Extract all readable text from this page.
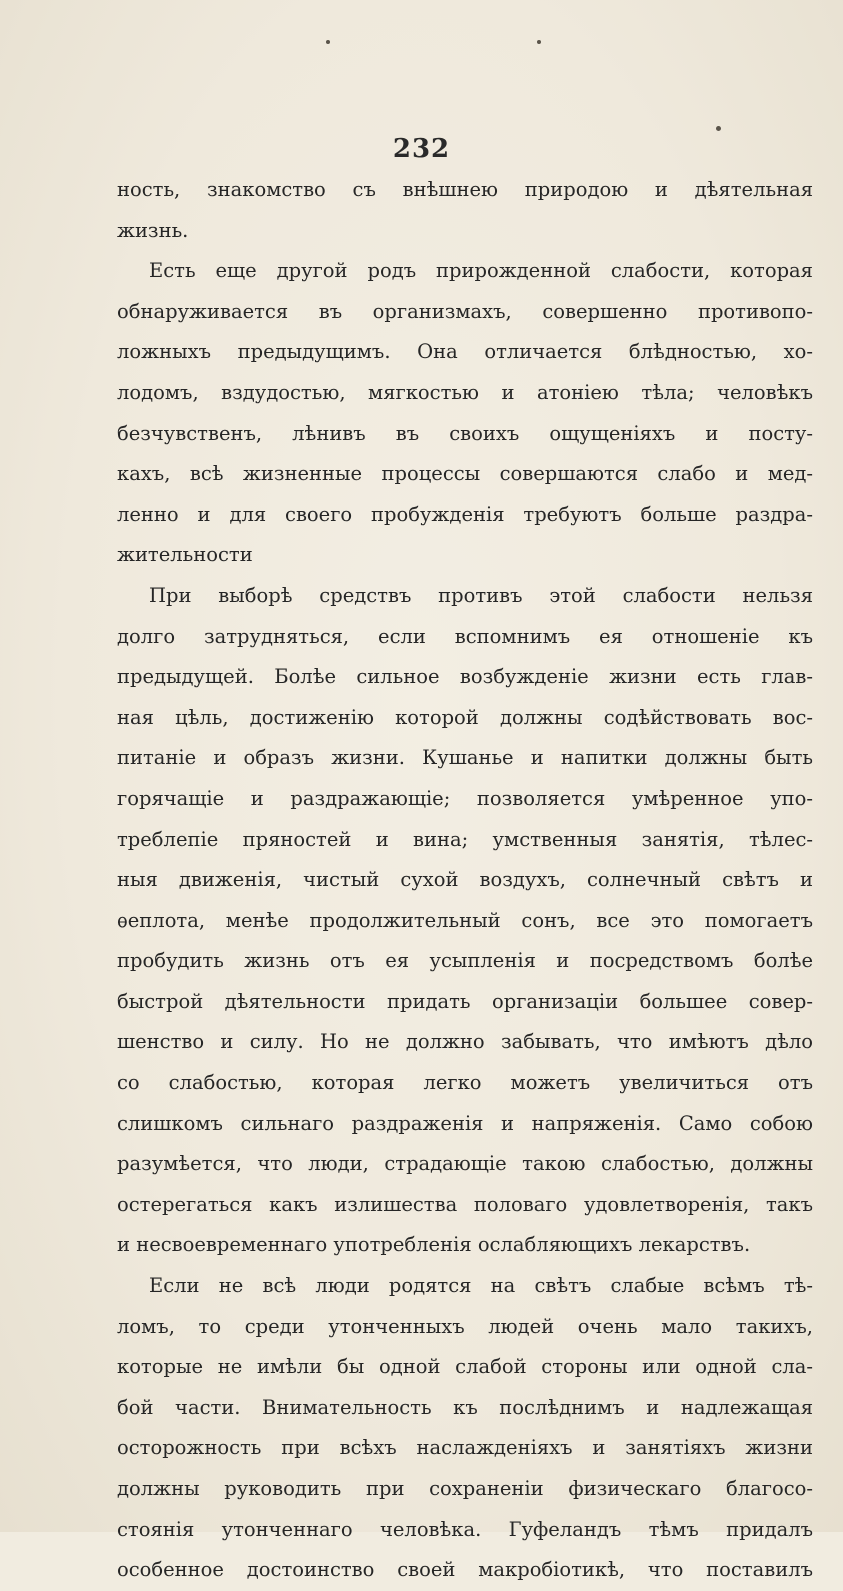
232
ность, знакомство съ внѣшнею природою и дѣятельная
жизнь.
Есть еще другой родъ прирожденной слабости, которая
обнаруживается въ организмахъ, совершенно противопо-
ложныхъ предыдущимъ. Она отличается блѣдностью, хо-
лодомъ, вздудостью, мягкостью и атоніею тѣла; человѣкъ
безчувственъ, лѣнивъ въ своихъ ощущеніяхъ и посту-
кахъ, всѣ жизненные процессы совершаются слабо и мед-
ленно и для своего пробужденія требуютъ больше раздра-
жительности
При выборѣ средствъ противъ этой слабости нельзя
долго затрудняться, если вспомнимъ ея отношеніе къ
предыдущей. Болѣе сильное возбужденіе жизни есть глав-
ная цѣль, достиженію которой должны содѣйствовать вос-
питаніе и образъ жизни. Кушанье и напитки должны быть
горячащіе и раздражающіе; позволяется умѣренное упо-
треблепіе пряностей и вина; умственныя занятія, тѣлес-
ныя движенія, чистый сухой воздухъ, солнечный свѣтъ и
ѳеплота, менѣе продолжительный сонъ, все это помогаетъ
пробудить жизнь отъ ея усыпленія и посредствомъ болѣе
быстрой дѣятельности придать организаціи большее совер-
шенство и силу. Но не должно забывать, что имѣютъ дѣло
со слабостью, которая легко можетъ увеличиться отъ
слишкомъ сильнаго раздраженія и напряженія. Само собою
разумѣется, что люди, страдающіе такою слабостью, должны
остерегаться какъ излишества половаго удовлетворенія, такъ
и несвоевременнаго употребленія ослабляющихъ лекарствъ.
Если не всѣ люди родятся на свѣтъ слабые всѣмъ тѣ-
ломъ, то среди утонченныхъ людей очень мало такихъ,
которые не имѣли бы одной слабой стороны или одной сла-
бой части. Внимательность къ послѣднимъ и надлежащая
осторожность при всѣхъ наслажденіяхъ и занятіяхъ жизни
должны руководить при сохраненіи физическаго благосо-
стоянія утонченнаго человѣка. Гуфеландъ тѣмъ придалъ
особенное достоинство своей макробіотикѣ, что поставилъ
